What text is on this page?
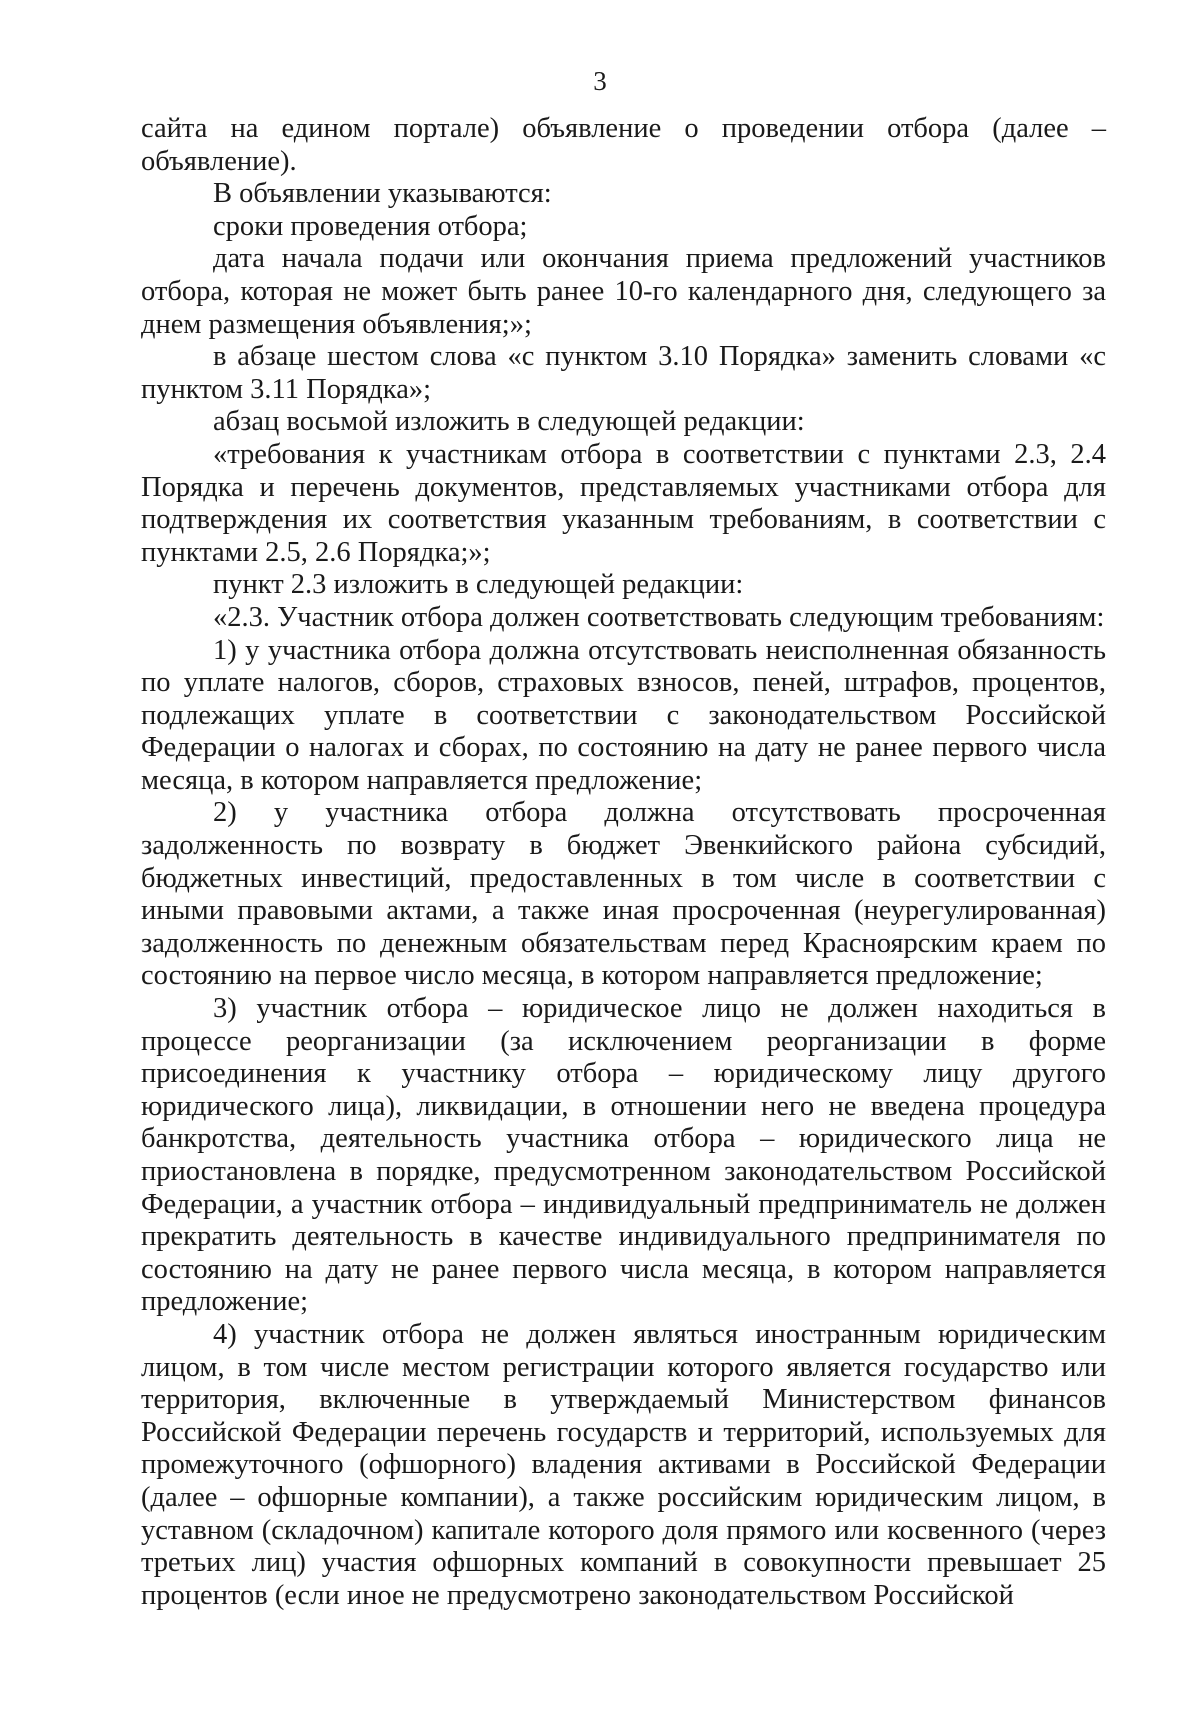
3

сайта на едином портале) объявление о проведении отбора (далее – объявление).

В объявлении указываются:

сроки проведения отбора;

дата начала подачи или окончания приема предложений участников отбора, которая не может быть ранее 10-го календарного дня, следующего за днем размещения объявления;»;

в абзаце шестом слова «с пунктом 3.10 Порядка» заменить словами «с пунктом 3.11 Порядка»;

абзац восьмой изложить в следующей редакции:

«требования к участникам отбора в соответствии с пунктами 2.3, 2.4 Порядка и перечень документов, представляемых участниками отбора для подтверждения их соответствия указанным требованиям, в соответствии с пунктами 2.5, 2.6 Порядка;»;

пункт 2.3 изложить в следующей редакции:

«2.3. Участник отбора должен соответствовать следующим требованиям:

1) у участника отбора должна отсутствовать неисполненная обязанность по уплате налогов, сборов, страховых взносов, пеней, штрафов, процентов, подлежащих уплате в соответствии с законодательством Российской Федерации о налогах и сборах, по состоянию на дату не ранее первого числа месяца, в котором направляется предложение;

2) у участника отбора должна отсутствовать просроченная задолженность по возврату в бюджет Эвенкийского района субсидий, бюджетных инвестиций, предоставленных в том числе в соответствии с иными правовыми актами, а также иная просроченная (неурегулированная) задолженность по денежным обязательствам перед Красноярским краем по состоянию на первое число месяца, в котором направляется предложение;

3) участник отбора – юридическое лицо не должен находиться в процессе реорганизации (за исключением реорганизации в форме присоединения к участнику отбора – юридическому лицу другого юридического лица), ликвидации, в отношении него не введена процедура банкротства, деятельность участника отбора – юридического лица не приостановлена в порядке, предусмотренном законодательством Российской Федерации, а участник отбора – индивидуальный предприниматель не должен прекратить деятельность в качестве индивидуального предпринимателя по состоянию на дату не ранее первого числа месяца, в котором направляется предложение;

4) участник отбора не должен являться иностранным юридическим лицом, в том числе местом регистрации которого является государство или территория, включенные в утверждаемый Министерством финансов Российской Федерации перечень государств и территорий, используемых для промежуточного (офшорного) владения активами в Российской Федерации (далее – офшорные компании), а также российским юридическим лицом, в уставном (складочном) капитале которого доля прямого или косвенного (через третьих лиц) участия офшорных компаний в совокупности превышает 25 процентов (если иное не предусмотрено законодательством Российской
